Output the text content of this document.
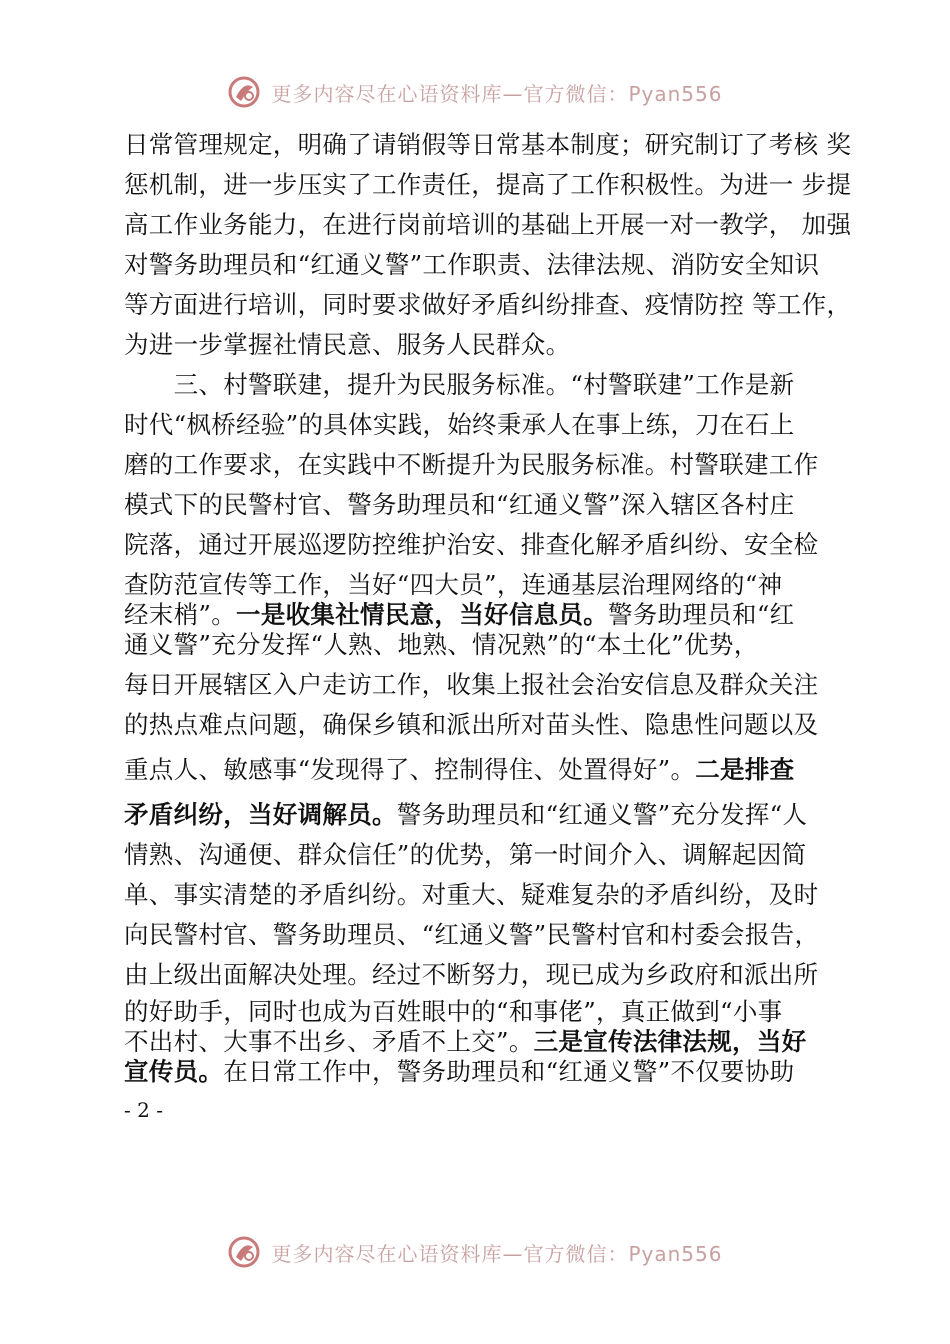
更多内容尽在心语资料库—官方微信：Pyan556
日常管理规定，明确了请销假等日常基本制度；研究制订了考核 奖
惩机制，进一步压实了工作责任，提高了工作积极性。为进一 步提
高工作业务能力，在进行岗前培训的基础上开展一对一教学， 加强
对警务助理员和“红通义警”工作职责、法律法规、消防安全知识
等方面进行培训，同时要求做好矛盾纠纷排查、疫情防控 等工作，
为进一步掌握社情民意、服务人民群众。
　　三、村警联建，提升为民服务标准。“村警联建”工作是新
时代“枫桥经验”的具体实践，始终秉承人在事上练，刀在石上
磨的工作要求，在实践中不断提升为民服务标准。村警联建工作
模式下的民警村官、警务助理员和“红通义警”深入辖区各村庄
院落，通过开展巡逻防控维护治安、排查化解矛盾纠纷、安全检
查防范宣传等工作，当好“四大员”，连通基层治理网络的“神
经末梢”。一是收集社情民意，当好信息员。警务助理员和“红
通义警”充分发挥“人熟、地熟、情况熟”的“本土化”优势，
每日开展辖区入户走访工作，收集上报社会治安信息及群众关注
的热点难点问题，确保乡镇和派出所对苗头性、隐患性问题以及
重点人、敏感事“发现得了、控制得住、处置得好”。二是排查
矛盾纠纷，当好调解员。警务助理员和“红通义警”充分发挥“人
情熟、沟通便、群众信任”的优势，第一时间介入、调解起因简
单、事实清楚的矛盾纠纷。对重大、疑难复杂的矛盾纠纷，及时
向民警村官、警务助理员、“红通义警”民警村官和村委会报告，
由上级出面解决处理。经过不断努力，现已成为乡政府和派出所
的好助手，同时也成为百姓眼中的“和事佬”，真正做到“小事
不出村、大事不出乡、矛盾不上交”。三是宣传法律法规，当好
宣传员。在日常工作中，警务助理员和“红通义警”不仅要协助
- 2 -
更多内容尽在心语资料库—官方微信：Pyan556
